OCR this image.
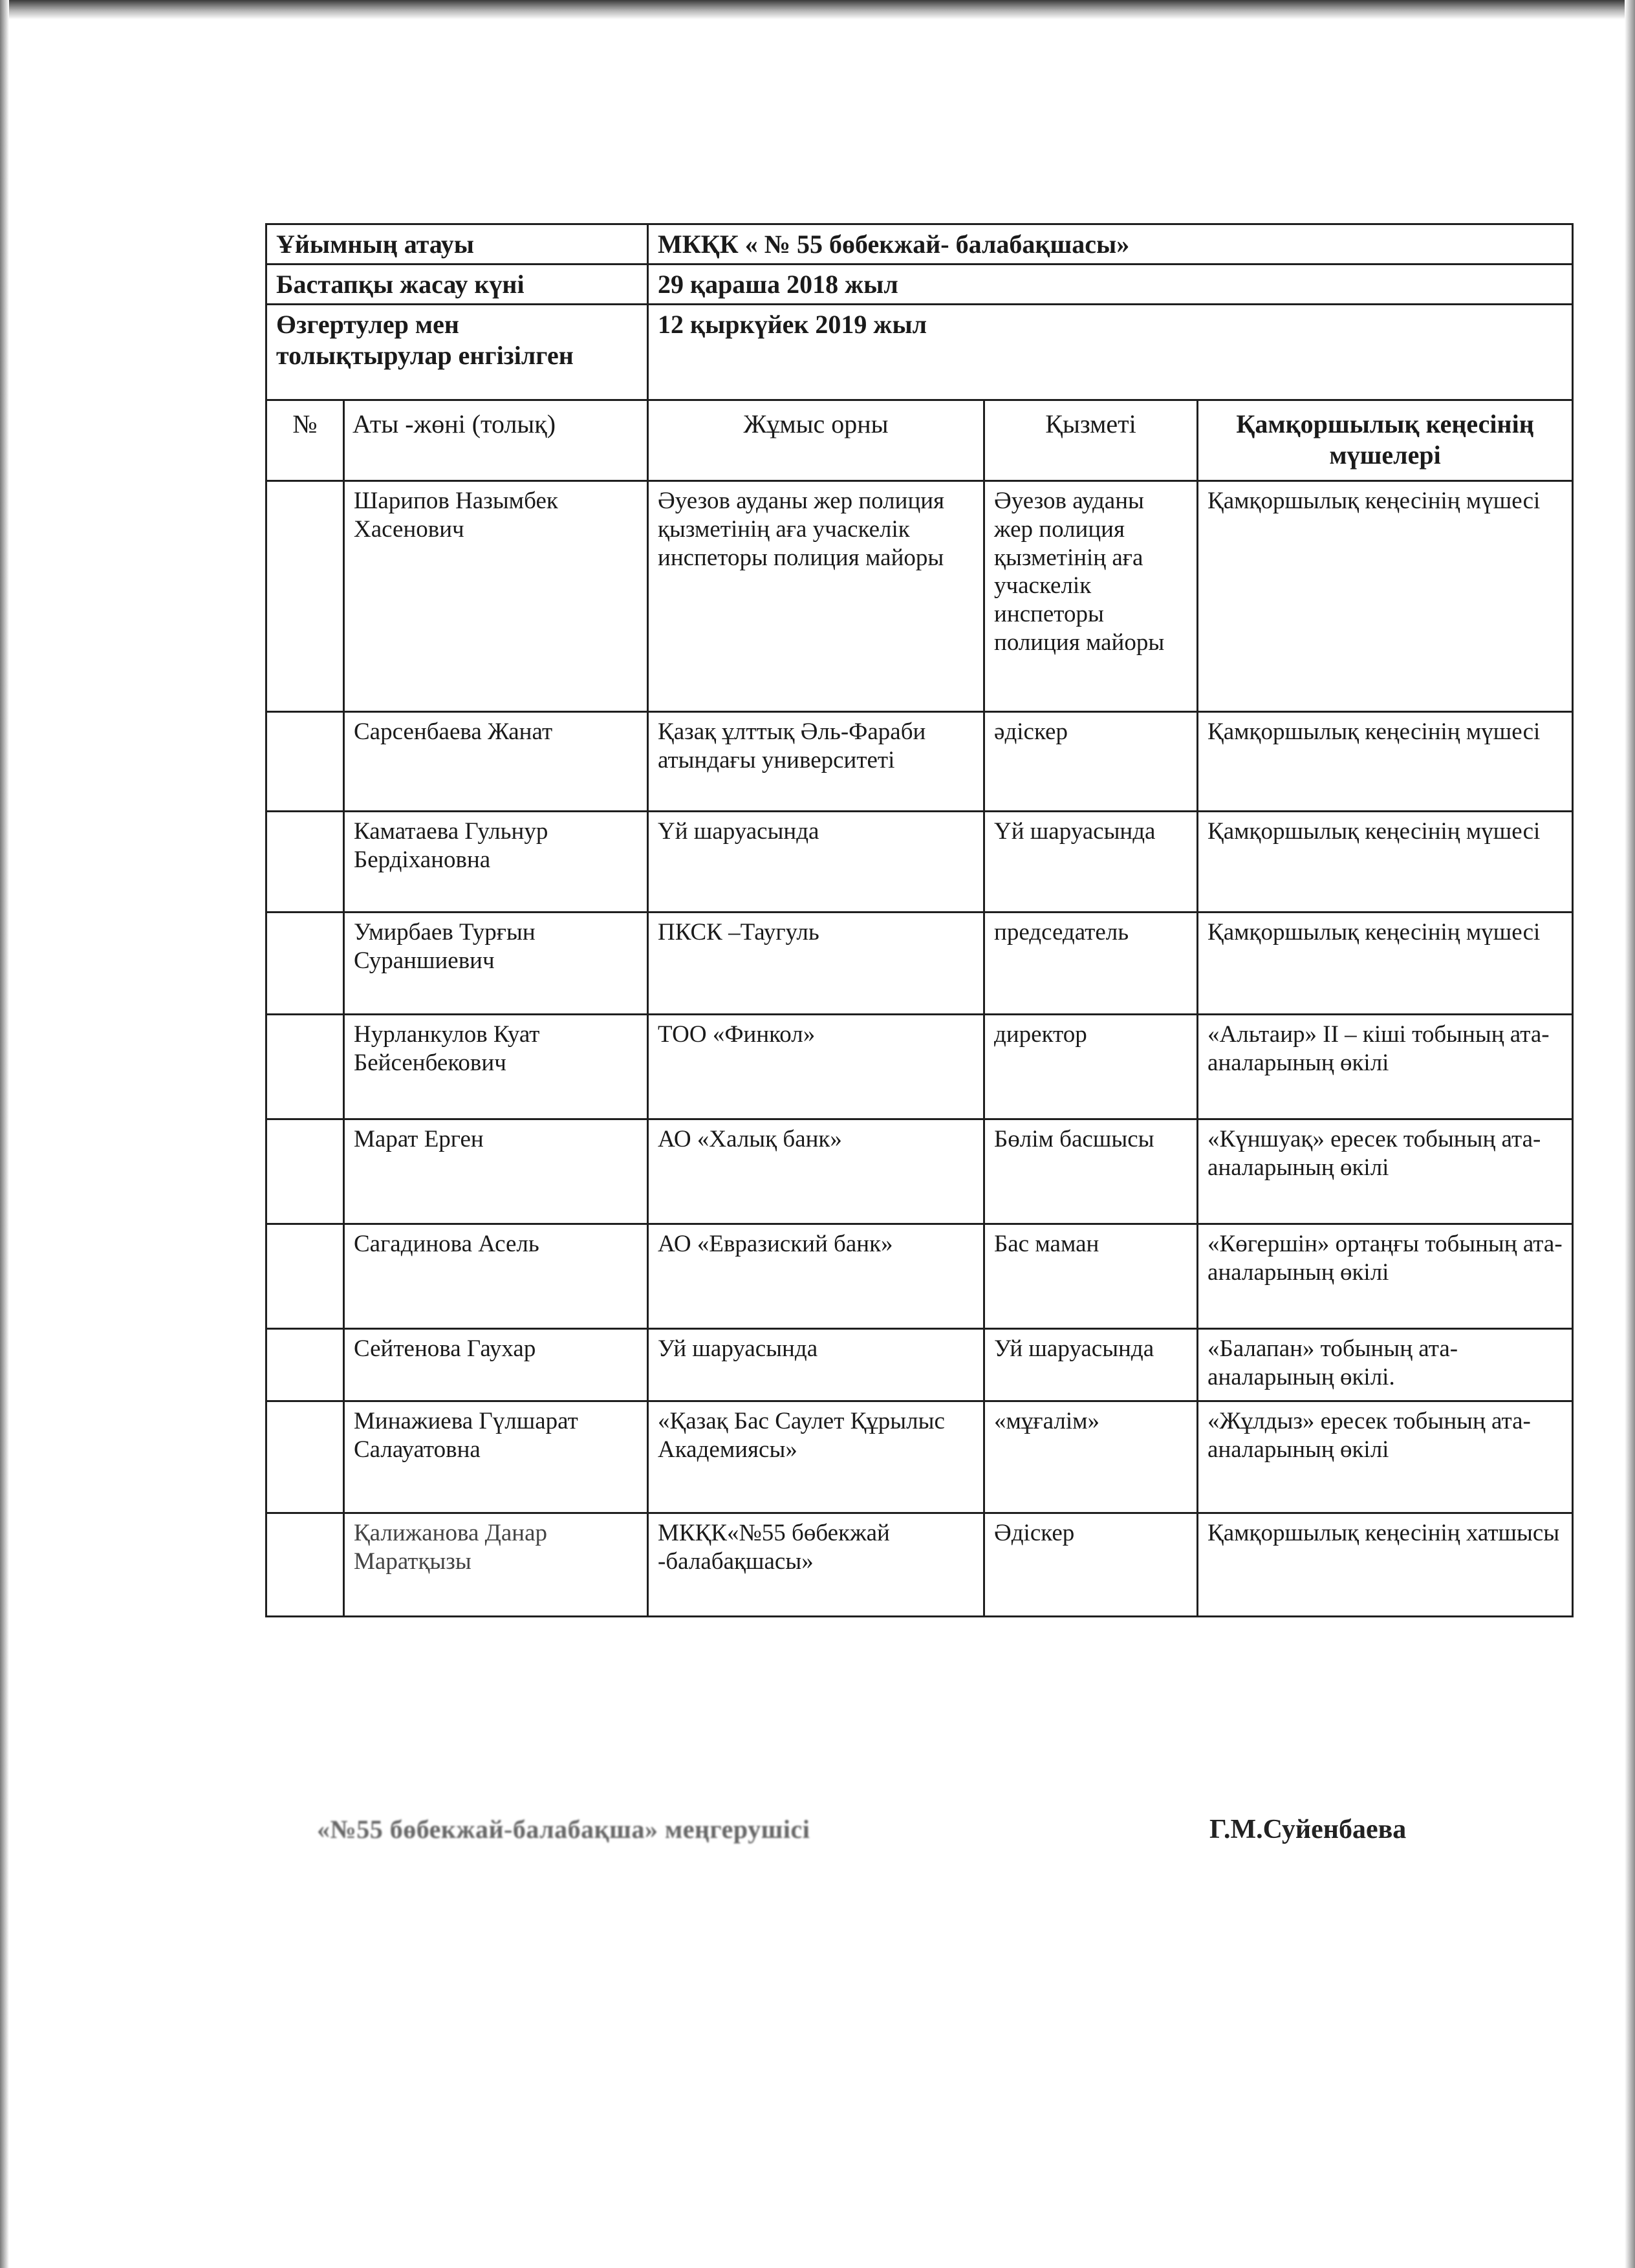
Ұйымның атауы		МКҚК « № 55 бөбекжай- балабақшасы»		
Бастапқы жасау күні		29 қараша 2018 жыл		
Өзгертулер мен толықтырулар енгізілген		12 қыркүйек 2019 жыл		
№	Аты -жөні (толық)	Жұмыс орны	Қызметі	Қамқоршылық кеңесінің мүшелері
	Шарипов Назымбек Хасенович	Әуезов ауданы жер полиция қызметінің аға учаскелік инспеторы полиция майоры	Әуезов ауданы жер полиция қызметінің аға учаскелік инспеторы полиция майоры	Қамқоршылық кеңесінің мүшесі
	Сарсенбаева Жанат	Қазақ ұлттық Әль-Фараби атындағы университеті	әдіскер	Қамқоршылық кеңесінің мүшесі
	Каматаева Гульнур Бердіхановна	Үй шаруасында	Үй шаруасында	Қамқоршылық кеңесінің мүшесі
	Умирбаев Турғын Сураншиевич	ПКСК –Таугуль	председатель	Қамқоршылық кеңесінің мүшесі
	Нурланкулов Куат Бейсенбекович	ТОО «Финкол»	директор	«Альтаир» II – кіші тобының ата-аналарының өкілі
	Марат Ерген	АО «Халық банк»	Бөлім басшысы	«Күншуақ» ересек тобының ата-аналарының өкілі
	Сагадинова Асель	АО «Евразиский банк»	Бас маман	«Көгершін» ортаңғы тобының ата-аналарының өкілі
	Сейтенова Гаухар	Уй шаруасында	Уй шаруасында	«Балапан» тобының ата-аналарының өкілі.
	Минажиева Гүлшарат Салауатовна	«Қазақ Бас Саулет Құрылыс Академиясы»	«мұғалім»	«Жұлдыз» ересек тобының ата-аналарының өкілі
	Қалижанова Данар Маратқызы	МКҚК«№55 бөбекжай -балабақшасы»	Әдіскер	Қамқоршылық кеңесінің хатшысы
«№55 бөбекжай-балабақша» меңгерушісі	Г.М.Суйенбаева
